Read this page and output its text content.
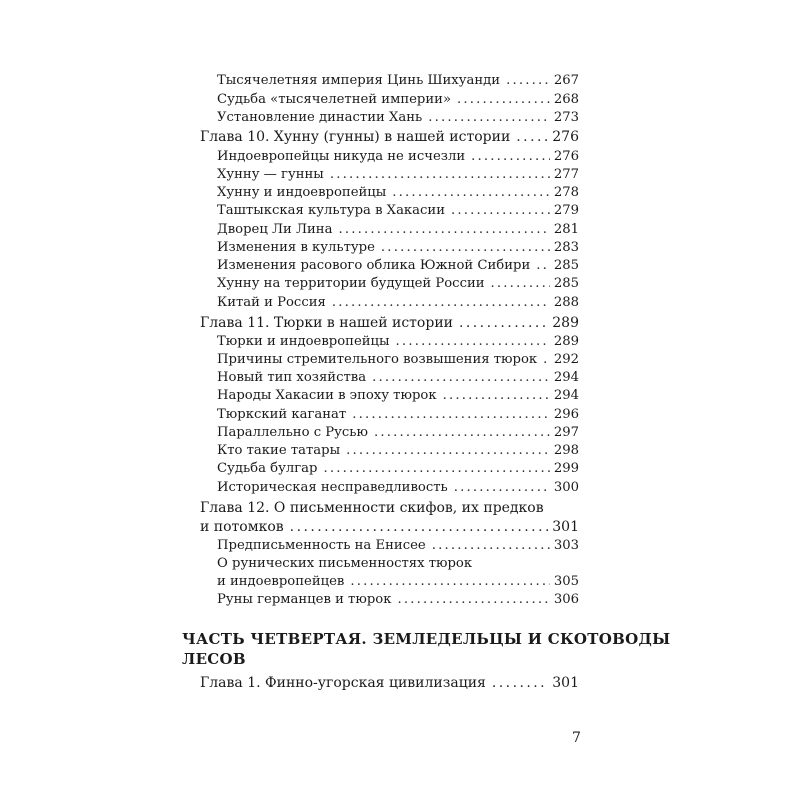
Тысячелетняя империя Цинь Шихуанди . . .	267
Судьба «тысячелетней империи» . . .	268
Установление династии Хань . . .	273
Глава 10. Хунну (гунны) в нашей истории . . .	276
Индоевропейцы никуда не исчезли . . .	276
Хунну — гунны . . .	277
Хунну и индоевропейцы . . .	278
Таштыкская культура в Хакасии . . .	279
Дворец Ли Лина . . .	281
Изменения в культуре . . .	283
Изменения расового облика Южной Сибири . . . 285
Хунну на территории будущей России . . .	285
Китай и Россия . . .	288
Глава 11. Тюрки в нашей истории . . .	289
Тюрки и индоевропейцы . . .	289
Причины стремительного возвышения тюрок . . . 292
Новый тип хозяйства . . .	294
Народы Хакасии в эпоху тюрок . . .	294
Тюркский каганат . . .	296
Параллельно с Русью . . .	297
Кто такие татары . . .	298
Судьба булгар . . .	299
Историческая несправедливость . . .	300
Глава 12. О письменности скифов, их предков
и потомков . . .	301
Предписьменность на Енисее . . .	303
О рунических письменностях тюрок
и индоевропейцев . . .	305
Руны германцев и тюрок . . .	306
ЧАСТЬ ЧЕТВЕРТАЯ. ЗЕМЛЕДЕЛЬЦЫ И СКОТОВОДЫ
ЛЕСОВ
Глава 1. Финно-угорская цивилизация . . .	301
7
